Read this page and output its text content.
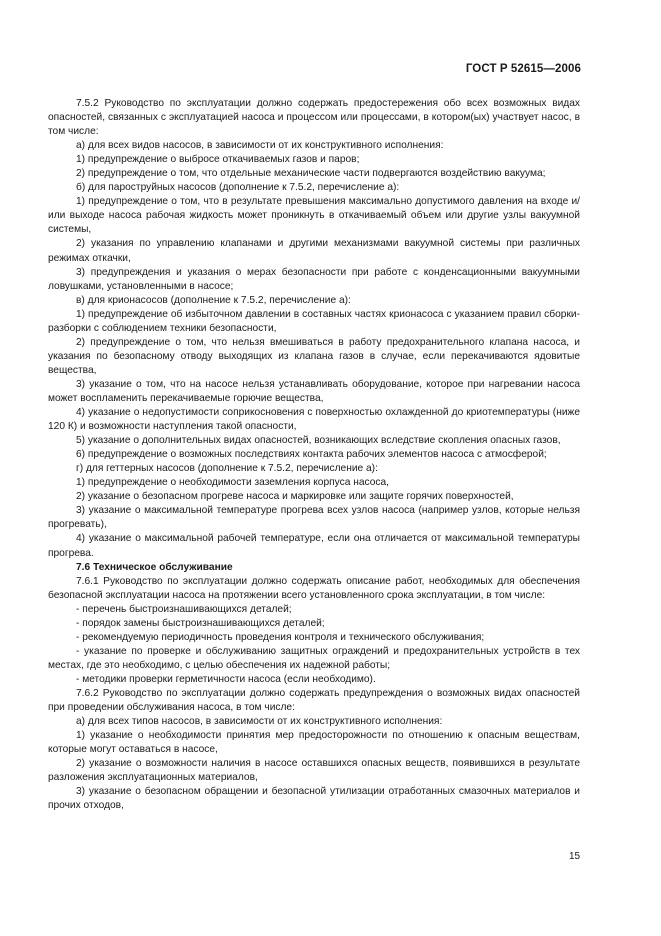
ГОСТ Р 52615—2006

7.5.2 Руководство по эксплуатации должно содержать предостережения обо всех возможных видах опасностей, связанных с эксплуатацией насоса и процессом или процессами, в котором(ых) участвует насос, в том числе:

а) для всех видов насосов, в зависимости от их конструктивного исполнения:

1) предупреждение о выбросе откачиваемых газов и паров;

2) предупреждение о том, что отдельные механические части подвергаются воздействию вакуума;

б) для пароструйных насосов (дополнение к 7.5.2, перечисление а):

1) предупреждение о том, что в результате превышения максимально допустимого давления на входе и/или выходе насоса рабочая жидкость может проникнуть в откачиваемый объем или другие узлы вакуумной системы,

2) указания по управлению клапанами и другими механизмами вакуумной системы при различных режимах откачки,

3) предупреждения и указания о мерах безопасности при работе с конденсационными вакуумными ловушками, установленными в насосе;

в) для крионасосов (дополнение к 7.5.2, перечисление а):

1) предупреждение об избыточном давлении в составных частях крионасоса с указанием правил сборки-разборки с соблюдением техники безопасности,

2) предупреждение о том, что нельзя вмешиваться в работу предохранительного клапана насоса, и указания по безопасному отводу выходящих из клапана газов в случае, если перекачиваются ядовитые вещества,

3) указание о том, что на насосе нельзя устанавливать оборудование, которое при нагревании насоса может воспламенить перекачиваемые горючие вещества,

4) указание о недопустимости соприкосновения с поверхностью охлажденной до криотемпературы (ниже 120 К) и возможности наступления такой опасности,

5) указание о дополнительных видах опасностей, возникающих вследствие скопления опасных газов,

6) предупреждение о возможных последствиях контакта рабочих элементов насоса с атмосферой;

г) для геттерных насосов (дополнение к 7.5.2, перечисление а):

1) предупреждение о необходимости заземления корпуса насоса,

2) указание о безопасном прогреве насоса и маркировке или защите горячих поверхностей,

3) указание о максимальной температуре прогрева всех узлов насоса (например узлов, которые нельзя прогревать),

4) указание о максимальной рабочей температуре, если она отличается от максимальной температуры прогрева.

7.6 Техническое обслуживание

7.6.1 Руководство по эксплуатации должно содержать описание работ, необходимых для обеспечения безопасной эксплуатации насоса на протяжении всего установленного срока эксплуатации, в том числе:

- перечень быстроизнашивающихся деталей;

- порядок замены быстроизнашивающихся деталей;

- рекомендуемую периодичность проведения контроля и технического обслуживания;

- указание по проверке и обслуживанию защитных ограждений и предохранительных устройств в тех местах, где это необходимо, с целью обеспечения их надежной работы;

- методики проверки герметичности насоса (если необходимо).

7.6.2 Руководство по эксплуатации должно содержать предупреждения о возможных видах опасностей при проведении обслуживания насоса, в том числе:

а) для всех типов насосов, в зависимости от их конструктивного исполнения:

1) указание о необходимости принятия мер предосторожности по отношению к опасным веществам, которые могут оставаться в насосе,

2) указание о возможности наличия в насосе оставшихся опасных веществ, появившихся в результате разложения эксплуатационных материалов,

3) указание о безопасном обращении и безопасной утилизации отработанных смазочных материалов и прочих отходов,

15
